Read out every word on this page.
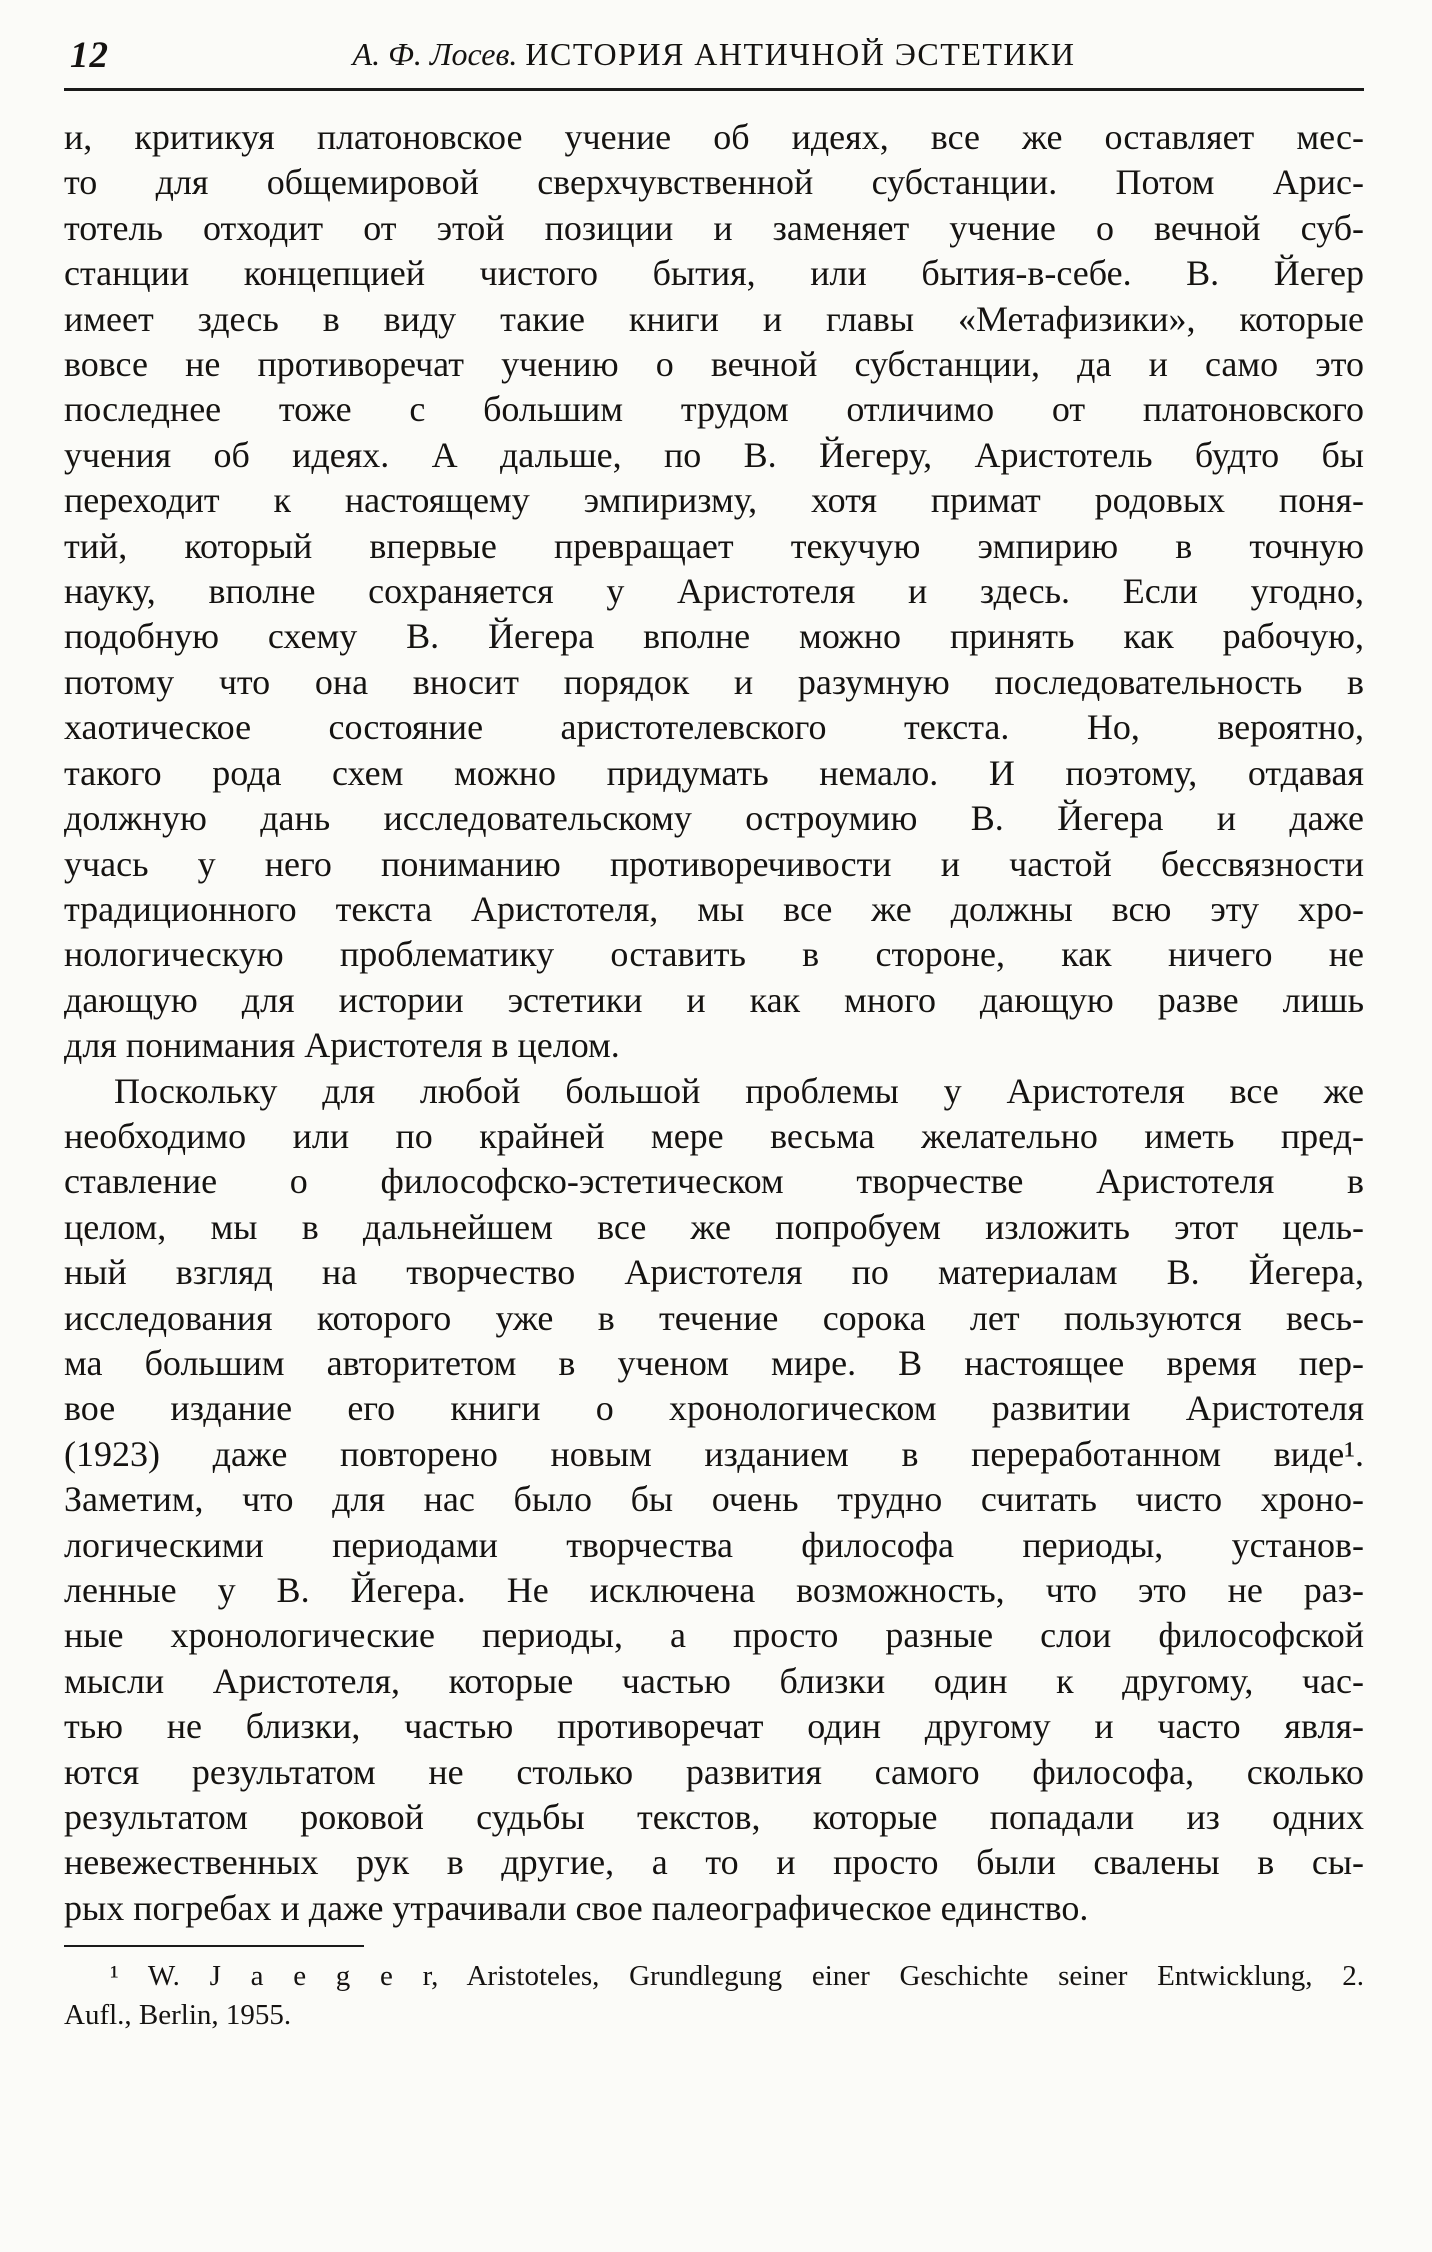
12	А. Ф. Лосев. ИСТОРИЯ АНТИЧНОЙ ЭСТЕТИКИ
и, критикуя платоновское учение об идеях, все же оставляет мес-
то для общемировой сверхчувственной субстанции. Потом Арис-
тотель отходит от этой позиции и заменяет учение о вечной суб-
станции концепцией чистого бытия, или бытия-в-себе. В. Йегер
имеет здесь в виду такие книги и главы «Метафизики», которые
вовсе не противоречат учению о вечной субстанции, да и само это
последнее тоже с большим трудом отличимо от платоновского
учения об идеях. А дальше, по В. Йегеру, Аристотель будто бы
переходит к настоящему эмпиризму, хотя примат родовых поня-
тий, который впервые превращает текучую эмпирию в точную
науку, вполне сохраняется у Аристотеля и здесь. Если угодно,
подобную схему В. Йегера вполне можно принять как рабочую,
потому что она вносит порядок и разумную последовательность в
хаотическое состояние аристотелевского текста. Но, вероятно,
такого рода схем можно придумать немало. И поэтому, отдавая
должную дань исследовательскому остроумию В. Йегера и даже
учась у него пониманию противоречивости и частой бессвязности
традиционного текста Аристотеля, мы все же должны всю эту хро-
нологическую проблематику оставить в стороне, как ничего не
дающую для истории эстетики и как много дающую разве лишь
для понимания Аристотеля в целом.
Поскольку для любой большой проблемы у Аристотеля все же
необходимо или по крайней мере весьма желательно иметь пред-
ставление о философско-эстетическом творчестве Аристотеля в
целом, мы в дальнейшем все же попробуем изложить этот цель-
ный взгляд на творчество Аристотеля по материалам В. Йегера,
исследования которого уже в течение сорока лет пользуются весь-
ма большим авторитетом в ученом мире. В настоящее время пер-
вое издание его книги о хронологическом развитии Аристотеля
(1923) даже повторено новым изданием в переработанном виде¹.
Заметим, что для нас было бы очень трудно считать чисто хроно-
логическими периодами творчества философа периоды, установ-
ленные у В. Йегера. Не исключена возможность, что это не раз-
ные хронологические периоды, а просто разные слои философской
мысли Аристотеля, которые частью близки один к другому, час-
тью не близки, частью противоречат один другому и часто явля-
ются результатом не столько развития самого философа, сколько
результатом роковой судьбы текстов, которые попадали из одних
невежественных рук в другие, а то и просто были свалены в сы-
рых погребах и даже утрачивали свое палеографическое единство.
¹ W. J a e g e r, Aristoteles, Grundlegung einer Geschichte seiner Entwicklung, 2.
Aufl., Berlin, 1955.
